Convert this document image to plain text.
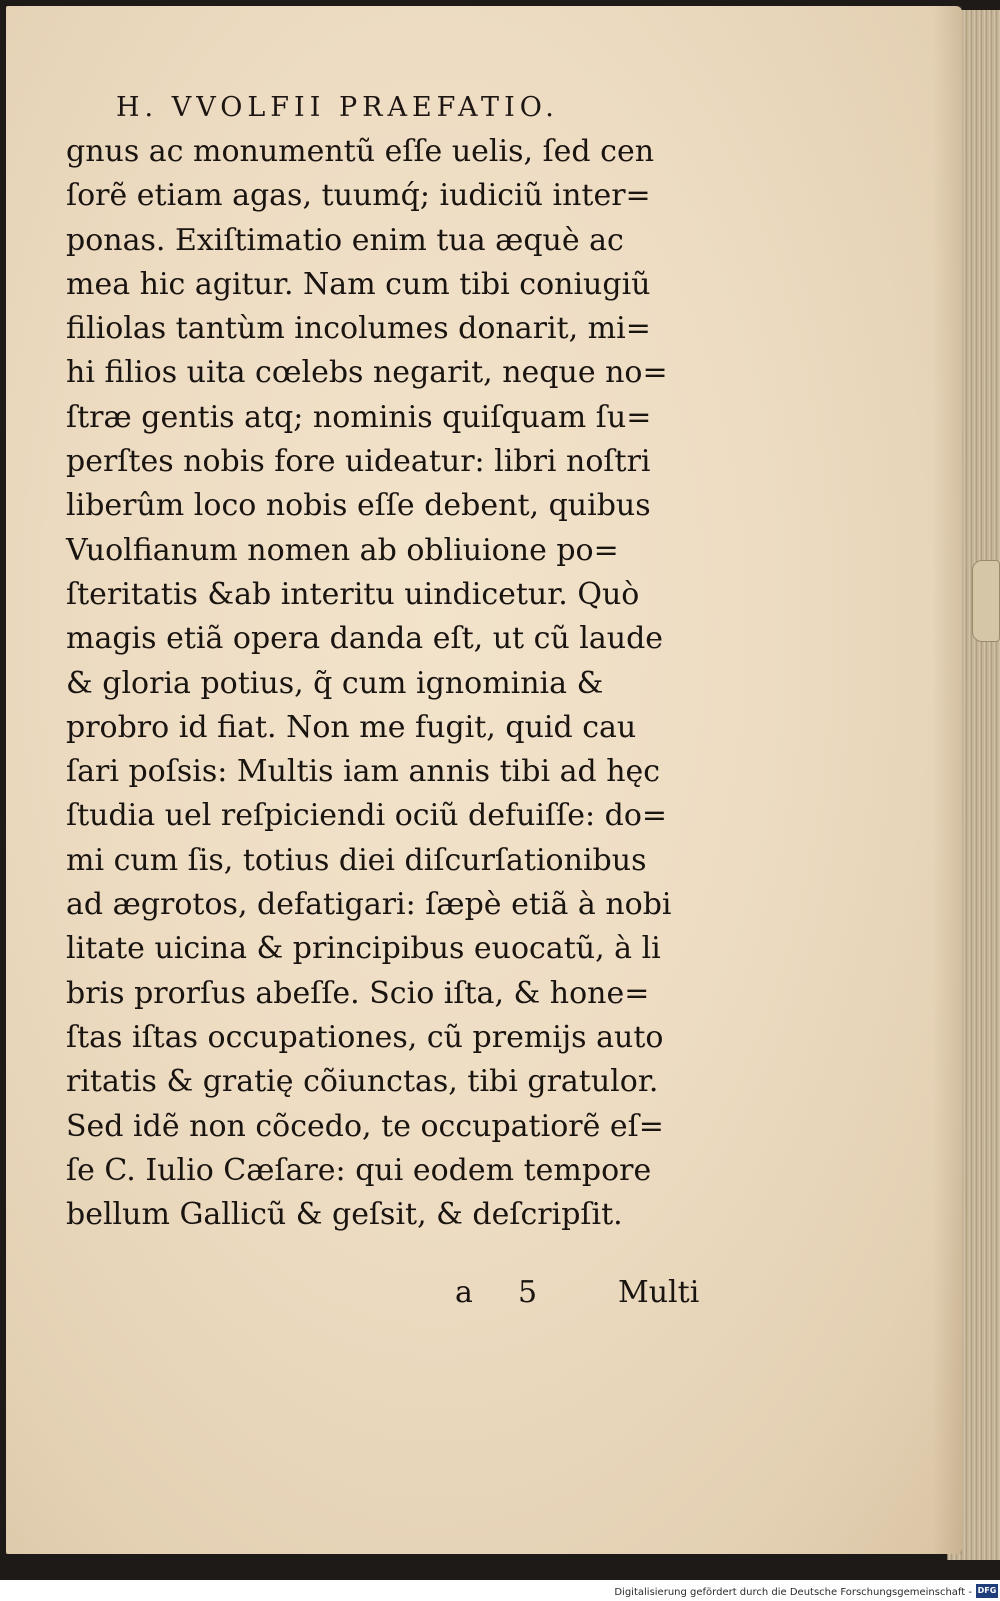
H. VVOLFII PRAEFATIO.
gnus ac monumentũ eſſe uelis, ſed cen
ſorẽ etiam agas, tuumq́; iudiciũ inter=
ponas. Exiſtimatio enim tua æquè ac
mea hic agitur. Nam cum tibi coniugiũ
filiolas tantùm incolumes donarit, mi=
hi filios uita cœlebs negarit, neque no=
ſtræ gentis atq; nominis quiſquam ſu=
perſtes nobis fore uideatur: libri noſtri
liberûm loco nobis eſſe debent, quibus
Vuolfianum nomen ab obliuione po=
ſteritatis &ab interitu uindicetur. Quò
magis etiã opera danda eſt, ut cũ laude
& gloria potius, q̃ cum ignominia &
probro id fiat. Non me fugit, quid cau
ſari poſsis: Multis iam annis tibi ad hęc
ſtudia uel reſpiciendi ociũ defuiſſe: do=
mi cum ſis, totius diei diſcurſationibus
ad ægrotos, defatigari: ſæpè etiã à nobi
litate uicina & principibus euocatũ, à li
bris prorſus abeſſe. Scio iſta, & hone=
ſtas iſtas occupationes, cũ premijs auto
ritatis & gratię cõiunctas, tibi gratulor.
Sed idẽ non cõcedo, te occupatiorẽ eſ=
ſe C. Iulio Cæſare: qui eodem tempore
bellum Gallicũ & geſsit, & deſcripſit.
a 5	Multi
Digitalisierung gefördert durch die Deutsche Forschungsgemeinschaft - DFG
